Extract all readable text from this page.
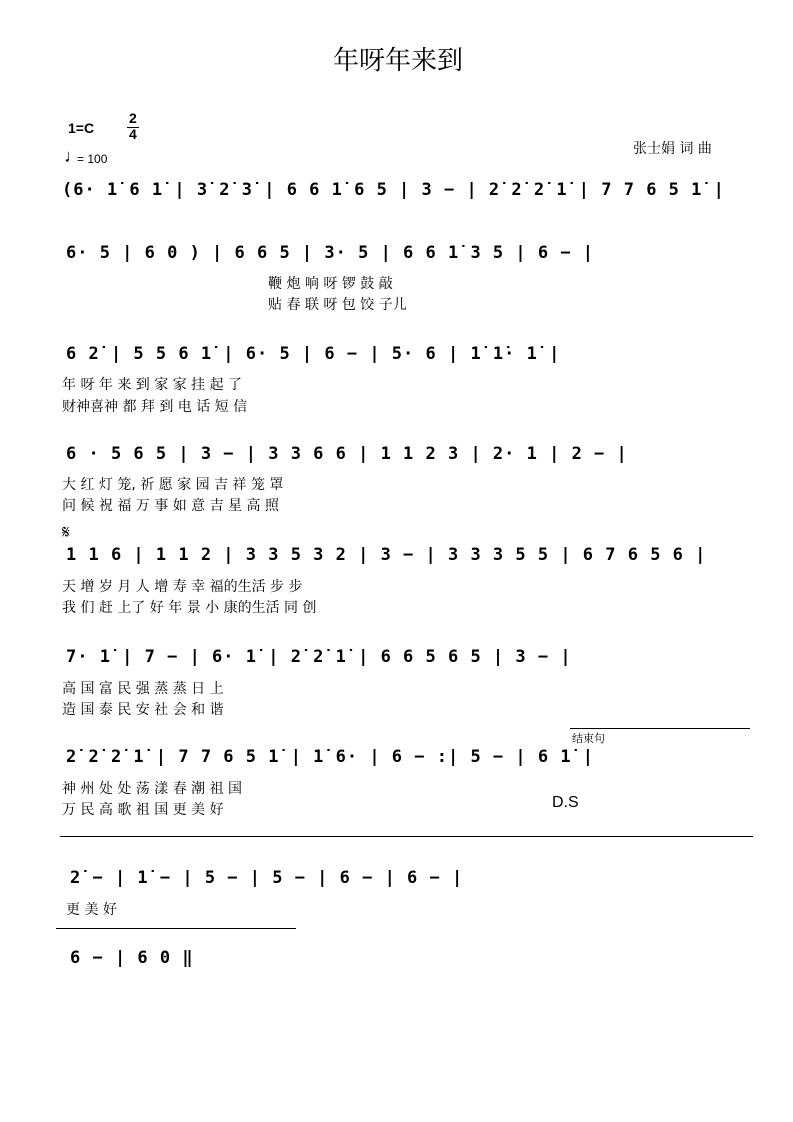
年呀年来到
1=C
2
4
♩
= 100
张士娟 词 曲
(6· 1̇ 6 1̇ | 3̇ 2̇ 3̇ | 6 6 1̇ 6 5 | 3 − | 2̇ 2̇ 2̇ 1̇ | 7 7 6 5 1̇ |
6· 5 | 6 0 ) | 6 6 5 | 3· 5 | 6 6 1̇ 3 5 | 6 − |
鞭 炮 响 呀 锣 鼓 敲
贴 春 联 呀 包 饺 子儿
6 2̇ | 5 5 6 1̇ | 6· 5 | 6 − | 5· 6 | 1̇ 1̇· 1̇ |
年 呀 年 来 到 家 家 挂 起 了
财神喜神 都 拜 到 电 话 短 信
6 · 5 6 5 | 3 − | 3 3 6 6 | 1 1 2 3 | 2· 1 | 2 − |
大 红 灯 笼, 祈 愿 家 园 吉 祥 笼 罩
问 候 祝 福 万 事 如 意 吉 星 高 照
𝄋
1 1 6 | 1 1 2 | 3 3 5 3 2 | 3 − | 3 3 3 5 5 | 6 7 6 5 6 |
天 增 岁 月 人 增 寿 幸 福的生活 步 步
我 们 赶 上了 好 年 景 小 康的生活 同 创
7· 1̇ | 7 − | 6· 1̇ | 2̇ 2̇ 1̇ | 6 6 5 6 5 | 3 − |
高 国 富 民 强 蒸 蒸 日 上
造 国 泰 民 安 社 会 和 谐
结束句
2̇ 2̇ 2̇ 1̇ | 7 7 6 5 1̇ | 1̇ 6· | 6 − :| 5 − | 6 1̇ |
神 州 处 处 荡 漾 春 潮 祖 国
万 民 高 歌 祖 国 更 美 好	D.S
2̇ − | 1̇ − | 5 − | 5 − | 6 − | 6 − |
更 美 好
6 − | 6 0 ‖
